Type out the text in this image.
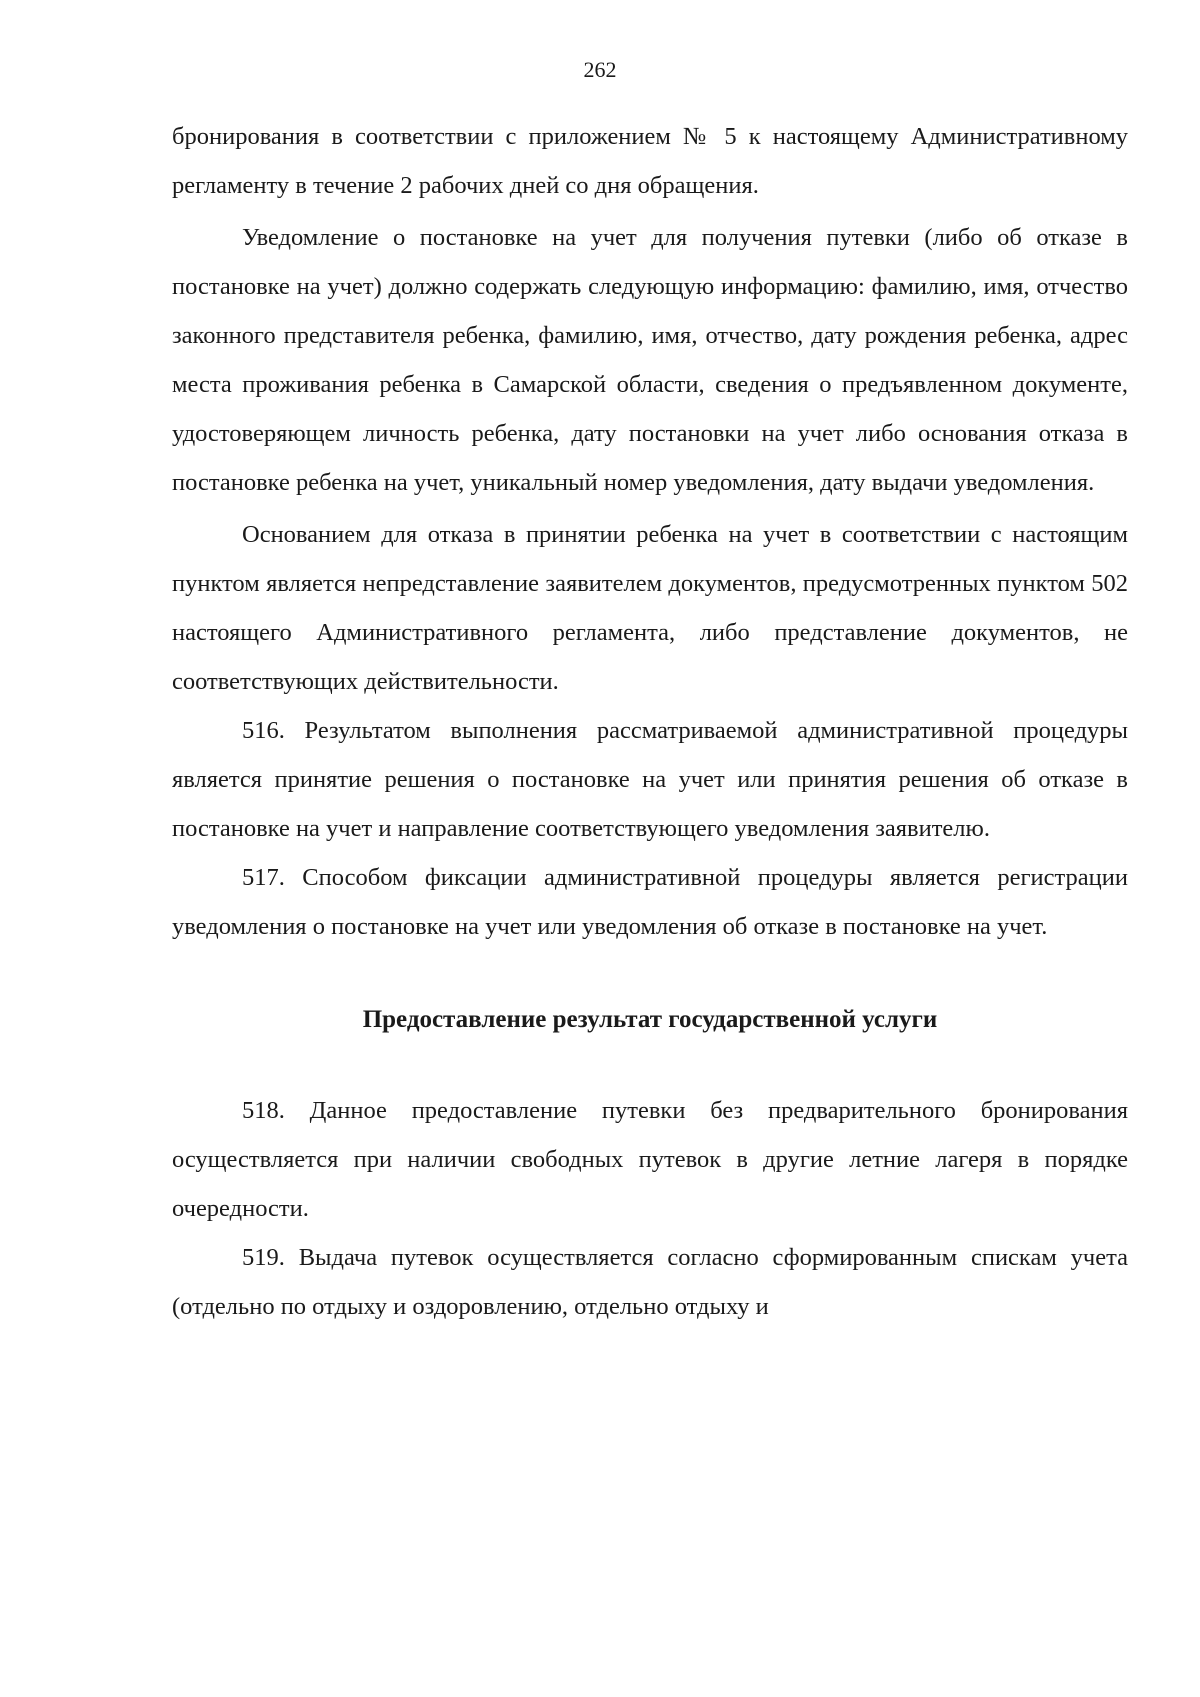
262

бронирования в соответствии с приложением № 5 к настоящему Административному регламенту в течение 2 рабочих дней со дня обращения.

Уведомление о постановке на учет для получения путевки (либо об отказе в постановке на учет) должно содержать следующую информацию: фамилию, имя, отчество законного представителя ребенка, фамилию, имя, отчество, дату рождения ребенка, адрес места проживания ребенка в Самарской области, сведения о предъявленном документе, удостоверяющем личность ребенка, дату постановки на учет либо основания отказа в постановке ребенка на учет, уникальный номер уведомления, дату выдачи уведомления.

Основанием для отказа в принятии ребенка на учет в соответствии с настоящим пунктом является непредставление заявителем документов, предусмотренных пунктом 502 настоящего Административного регламента, либо представление документов, не соответствующих действительности.

516. Результатом выполнения рассматриваемой административной процедуры является принятие решения о постановке на учет или принятия решения об отказе в постановке на учет и направление соответствующего уведомления заявителю.

517. Способом фиксации административной процедуры является регистрации уведомления о постановке на учет или уведомления об отказе в постановке на учет.

Предоставление результат государственной услуги

518. Данное предоставление путевки без предварительного бронирования осуществляется при наличии свободных путевок в другие летние лагеря в порядке очередности.

519. Выдача путевок осуществляется согласно сформированным спискам учета (отдельно по отдыху и оздоровлению, отдельно отдыху и
